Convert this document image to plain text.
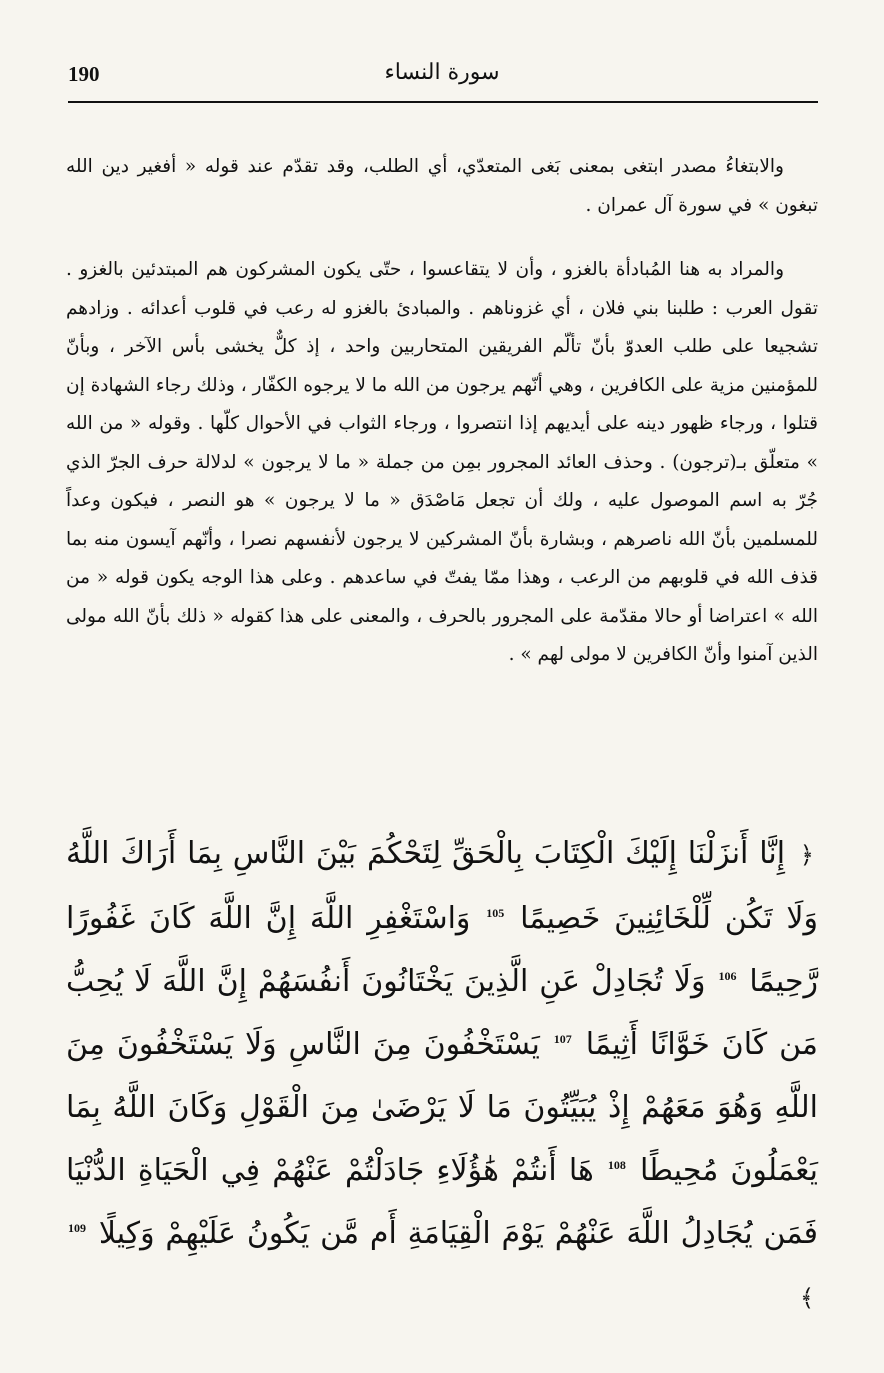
190	سورة النساء

والابتغاءُ مصدر ابتغى بمعنى بَغى المتعدّي، أي الطلب، وقد تقدّم عند قوله « أفغير دين الله تبغون » في سورة آل عمران .

والمراد به هنا المُبادأة بالغزو ، وأن لا يتقاعسوا ، حتّى يكون المشركون هم المبتدئين بالغزو . تقول العرب : طلبنا بني فلان ، أي غزوناهم . والمبادئ بالغزو له رعب في قلوب أعدائه . وزادهم تشجيعا على طلب العدوّ بأنّ تألّم الفريقين المتحاربين واحد ، إذ كلٌّ يخشى بأس الآخر ، وبأنّ للمؤمنين مزية على الكافرين ، وهي أنّهم يرجون من الله ما لا يرجوه الكفّار ، وذلك رجاء الشهادة إن قتلوا ، ورجاء ظهور دينه على أيديهم إذا انتصروا ، ورجاء الثواب في الأحوال كلّها . وقوله « من الله » متعلّق بـ(ترجون) . وحذف العائد المجرور بمِن من جملة « ما لا يرجون » لدلالة حرف الجرّ الذي جُرّ به اسم الموصول عليه ، ولك أن تجعل مَاصْدَق « ما لا يرجون » هو النصر ، فيكون وعداً للمسلمين بأنّ الله ناصرهم ، وبشارة بأنّ المشركين لا يرجون لأنفسهم نصرا ، وأنّهم آيسون منه بما قذف الله في قلوبهم من الرعب ، وهذا ممّا يفتّ في ساعدهم . وعلى هذا الوجه يكون قوله « من الله » اعتراضا أو حالا مقدّمة على المجرور بالحرف ، والمعنى على هذا كقوله « ذلك بأنّ الله مولى الذين آمنوا وأنّ الكافرين لا مولى لهم » .

﴿ إِنَّا أَنزَلْنَا إِلَيْكَ الْكِتَابَ بِالْحَقِّ لِتَحْكُمَ بَيْنَ النَّاسِ بِمَا أَرَاكَ اللَّهُ وَلَا تَكُن لِّلْخَائِنِينَ خَصِيمًا $^{105}$ وَاسْتَغْفِرِ اللَّهَ إِنَّ اللَّهَ كَانَ غَفُورًا رَّحِيمًا $^{106}$ وَلَا تُجَادِلْ عَنِ الَّذِينَ يَخْتَانُونَ أَنفُسَهُمْ إِنَّ اللَّهَ لَا يُحِبُّ مَن كَانَ خَوَّانًا أَثِيمًا $^{107}$ يَسْتَخْفُونَ مِنَ النَّاسِ وَلَا يَسْتَخْفُونَ مِنَ اللَّهِ وَهُوَ مَعَهُمْ إِذْ يُبَيِّتُونَ مَا لَا يَرْضَىٰ مِنَ الْقَوْلِ وَكَانَ اللَّهُ بِمَا يَعْمَلُونَ مُحِيطًا $^{108}$ هَا أَنتُمْ هَٰؤُلَاءِ جَادَلْتُمْ عَنْهُمْ فِي الْحَيَاةِ الدُّنْيَا فَمَن يُجَادِلُ اللَّهَ عَنْهُمْ يَوْمَ الْقِيَامَةِ أَم مَّن يَكُونُ عَلَيْهِمْ وَكِيلًا $^{109}$ ﴾
